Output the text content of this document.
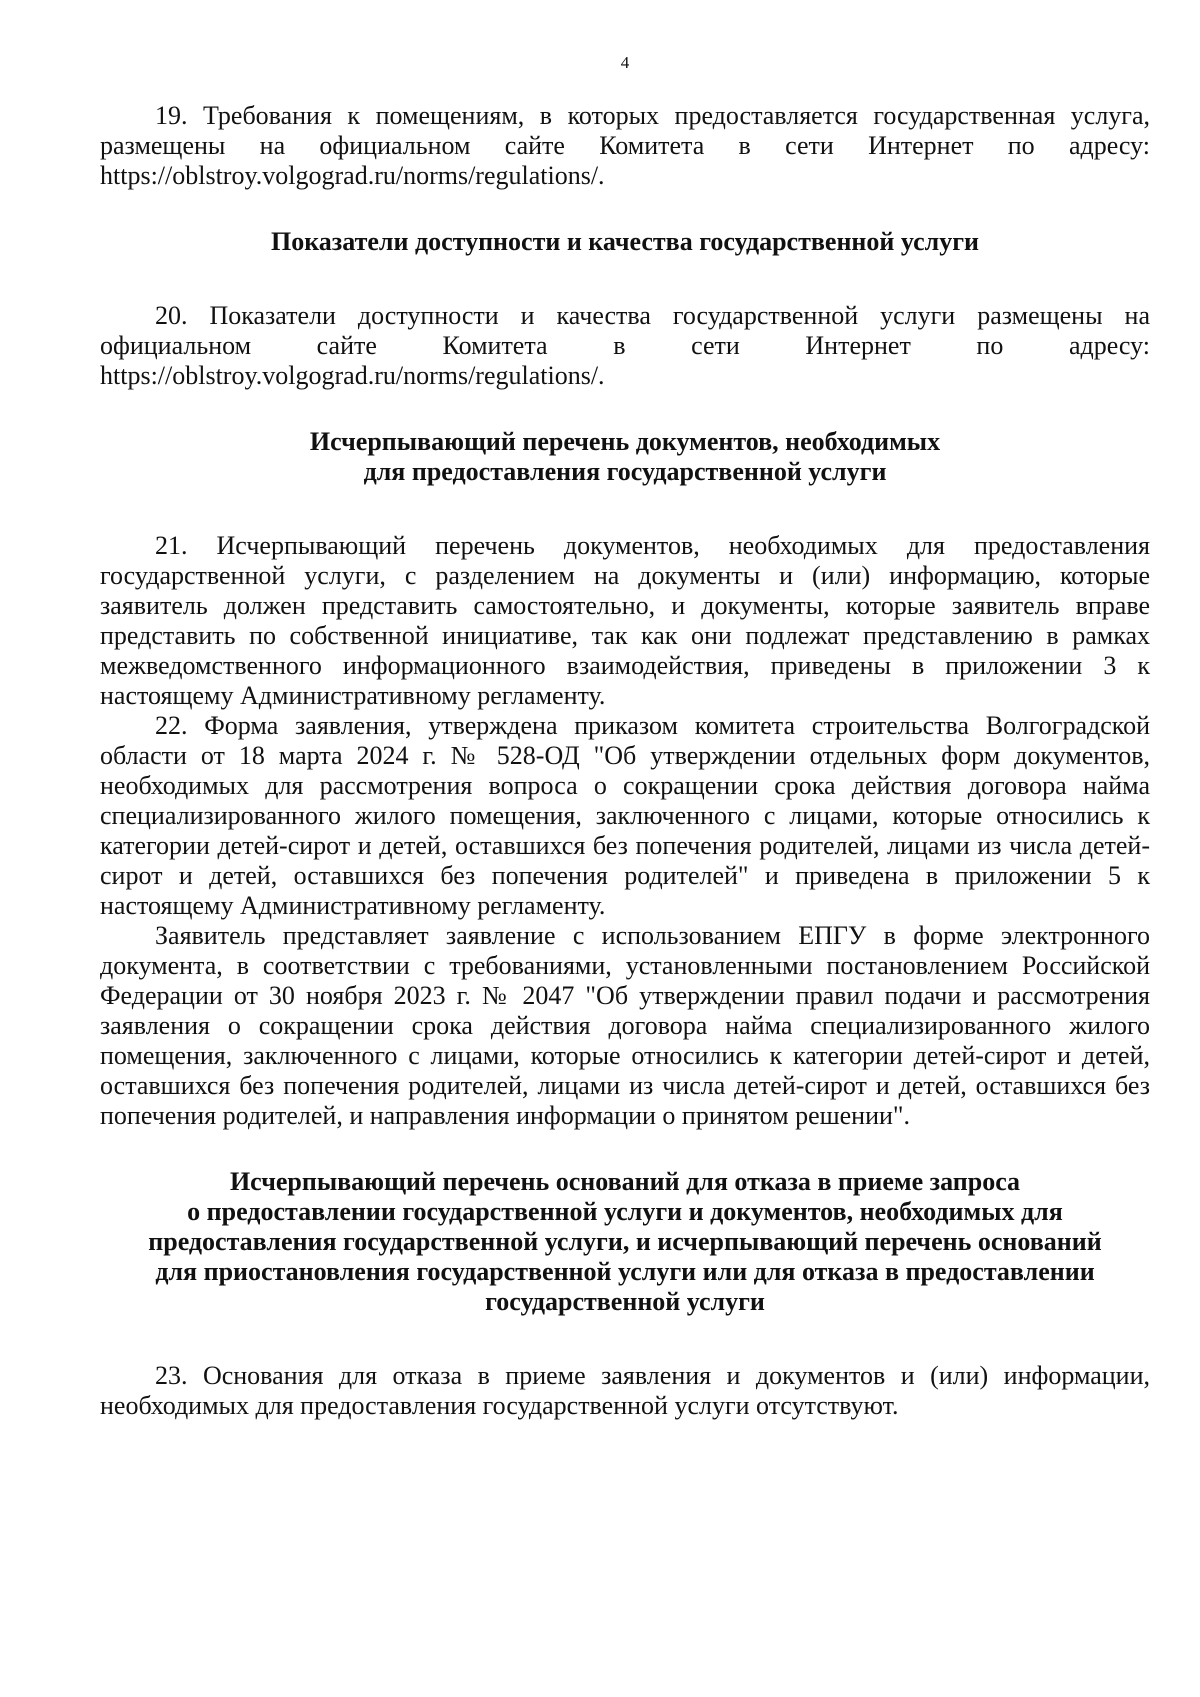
4

19. Требования к помещениям, в которых предоставляется государственная услуга, размещены на официальном сайте Комитета в сети Интернет по адресу: https://oblstroy.volgograd.ru/norms/regulations/.

Показатели доступности и качества государственной услуги

20. Показатели доступности и качества государственной услуги размещены на официальном сайте Комитета в сети Интернет по адресу: https://oblstroy.volgograd.ru/norms/regulations/.

Исчерпывающий перечень документов, необходимых
для предоставления государственной услуги

21. Исчерпывающий перечень документов, необходимых для предоставления государственной услуги, с разделением на документы и (или) информацию, которые заявитель должен представить самостоятельно, и документы, которые заявитель вправе представить по собственной инициативе, так как они подлежат представлению в рамках межведомственного информационного взаимодействия, приведены в приложении 3 к настоящему Административному регламенту.

22. Форма заявления, утверждена приказом комитета строительства Волгоградской области от 18 марта 2024 г. № 528-ОД "Об утверждении отдельных форм документов, необходимых для рассмотрения вопроса о сокращении срока действия договора найма специализированного жилого помещения, заключенного с лицами, которые относились к категории детей-сирот и детей, оставшихся без попечения родителей, лицами из числа детей-сирот и детей, оставшихся без попечения родителей" и приведена в приложении 5 к настоящему Административному регламенту.

Заявитель представляет заявление с использованием ЕПГУ в форме электронного документа, в соответствии с требованиями, установленными постановлением Российской Федерации от 30 ноября 2023 г. № 2047 "Об утверждении правил подачи и рассмотрения заявления о сокращении срока действия договора найма специализированного жилого помещения, заключенного с лицами, которые относились к категории детей-сирот и детей, оставшихся без попечения родителей, лицами из числа детей-сирот и детей, оставшихся без попечения родителей, и направления информации о принятом решении".

Исчерпывающий перечень оснований для отказа в приеме запроса
о предоставлении государственной услуги и документов, необходимых для
предоставления государственной услуги, и исчерпывающий перечень оснований
для приостановления государственной услуги или для отказа в предоставлении
государственной услуги

23. Основания для отказа в приеме заявления и документов и (или) информации, необходимых для предоставления государственной услуги отсутствуют.
